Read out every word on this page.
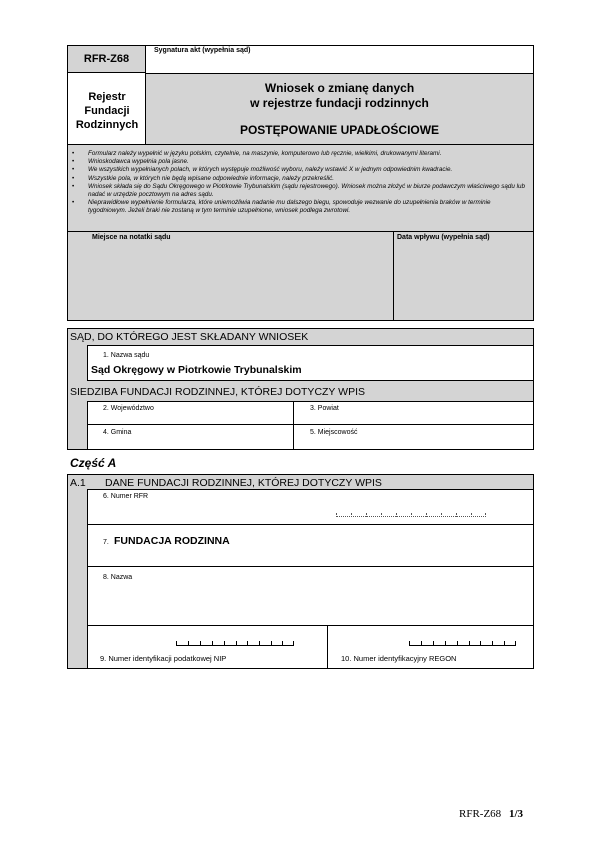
RFR-Z68
Rejestr Fundacji Rodzinnych
Sygnatura akt (wypełnia sąd)
Wniosek o zmianę danych
w rejestrze fundacji rodzinnych
POSTĘPOWANIE UPADŁOŚCIOWE
• Formularz należy wypełnić w języku polskim, czytelnie, na maszynie, komputerowo lub ręcznie, wielkimi, drukowanymi literami.
• Wnioskodawca wypełnia pola jasne.
• We wszystkich wypełnianych polach, w których występuje możliwość wyboru, należy wstawić X w jednym odpowiednim kwadracie.
• Wszystkie pola, w których nie będą wpisane odpowiednie informacje, należy przekreślić.
• Wniosek składa się do Sądu Okręgowego w Piotrkowie Trybunalskim (sądu rejestrowego). Wniosek można złożyć w biurze podawczym właściwego sądu lub nadać w urzędzie pocztowym na adres sądu.
• Nieprawidłowe wypełnienie formularza, które uniemożliwia nadanie mu dalszego biegu, spowoduje wezwanie do uzupełnienia braków w terminie tygodniowym. Jeżeli braki nie zostaną w tym terminie uzupełnione, wniosek podlega zwrotowi.
Miejsce na notatki sądu	Data wpływu (wypełnia sąd)
SĄD, DO KTÓREGO JEST SKŁADANY WNIOSEK
1. Nazwa sądu
Sąd Okręgowy w Piotrkowie Trybunalskim
SIEDZIBA FUNDACJI RODZINNEJ, KTÓREJ DOTYCZY WPIS
2. Województwo	3. Powiat
4. Gmina	5. Miejscowość
Część A
A.1 DANE FUNDACJI RODZINNEJ, KTÓREJ DOTYCZY WPIS
6. Numer RFR
7. FUNDACJA RODZINNA
8. Nazwa
9. Numer identyfikacji podatkowej NIP	10. Numer identyfikacyjny REGON
RFR-Z68 1/3
